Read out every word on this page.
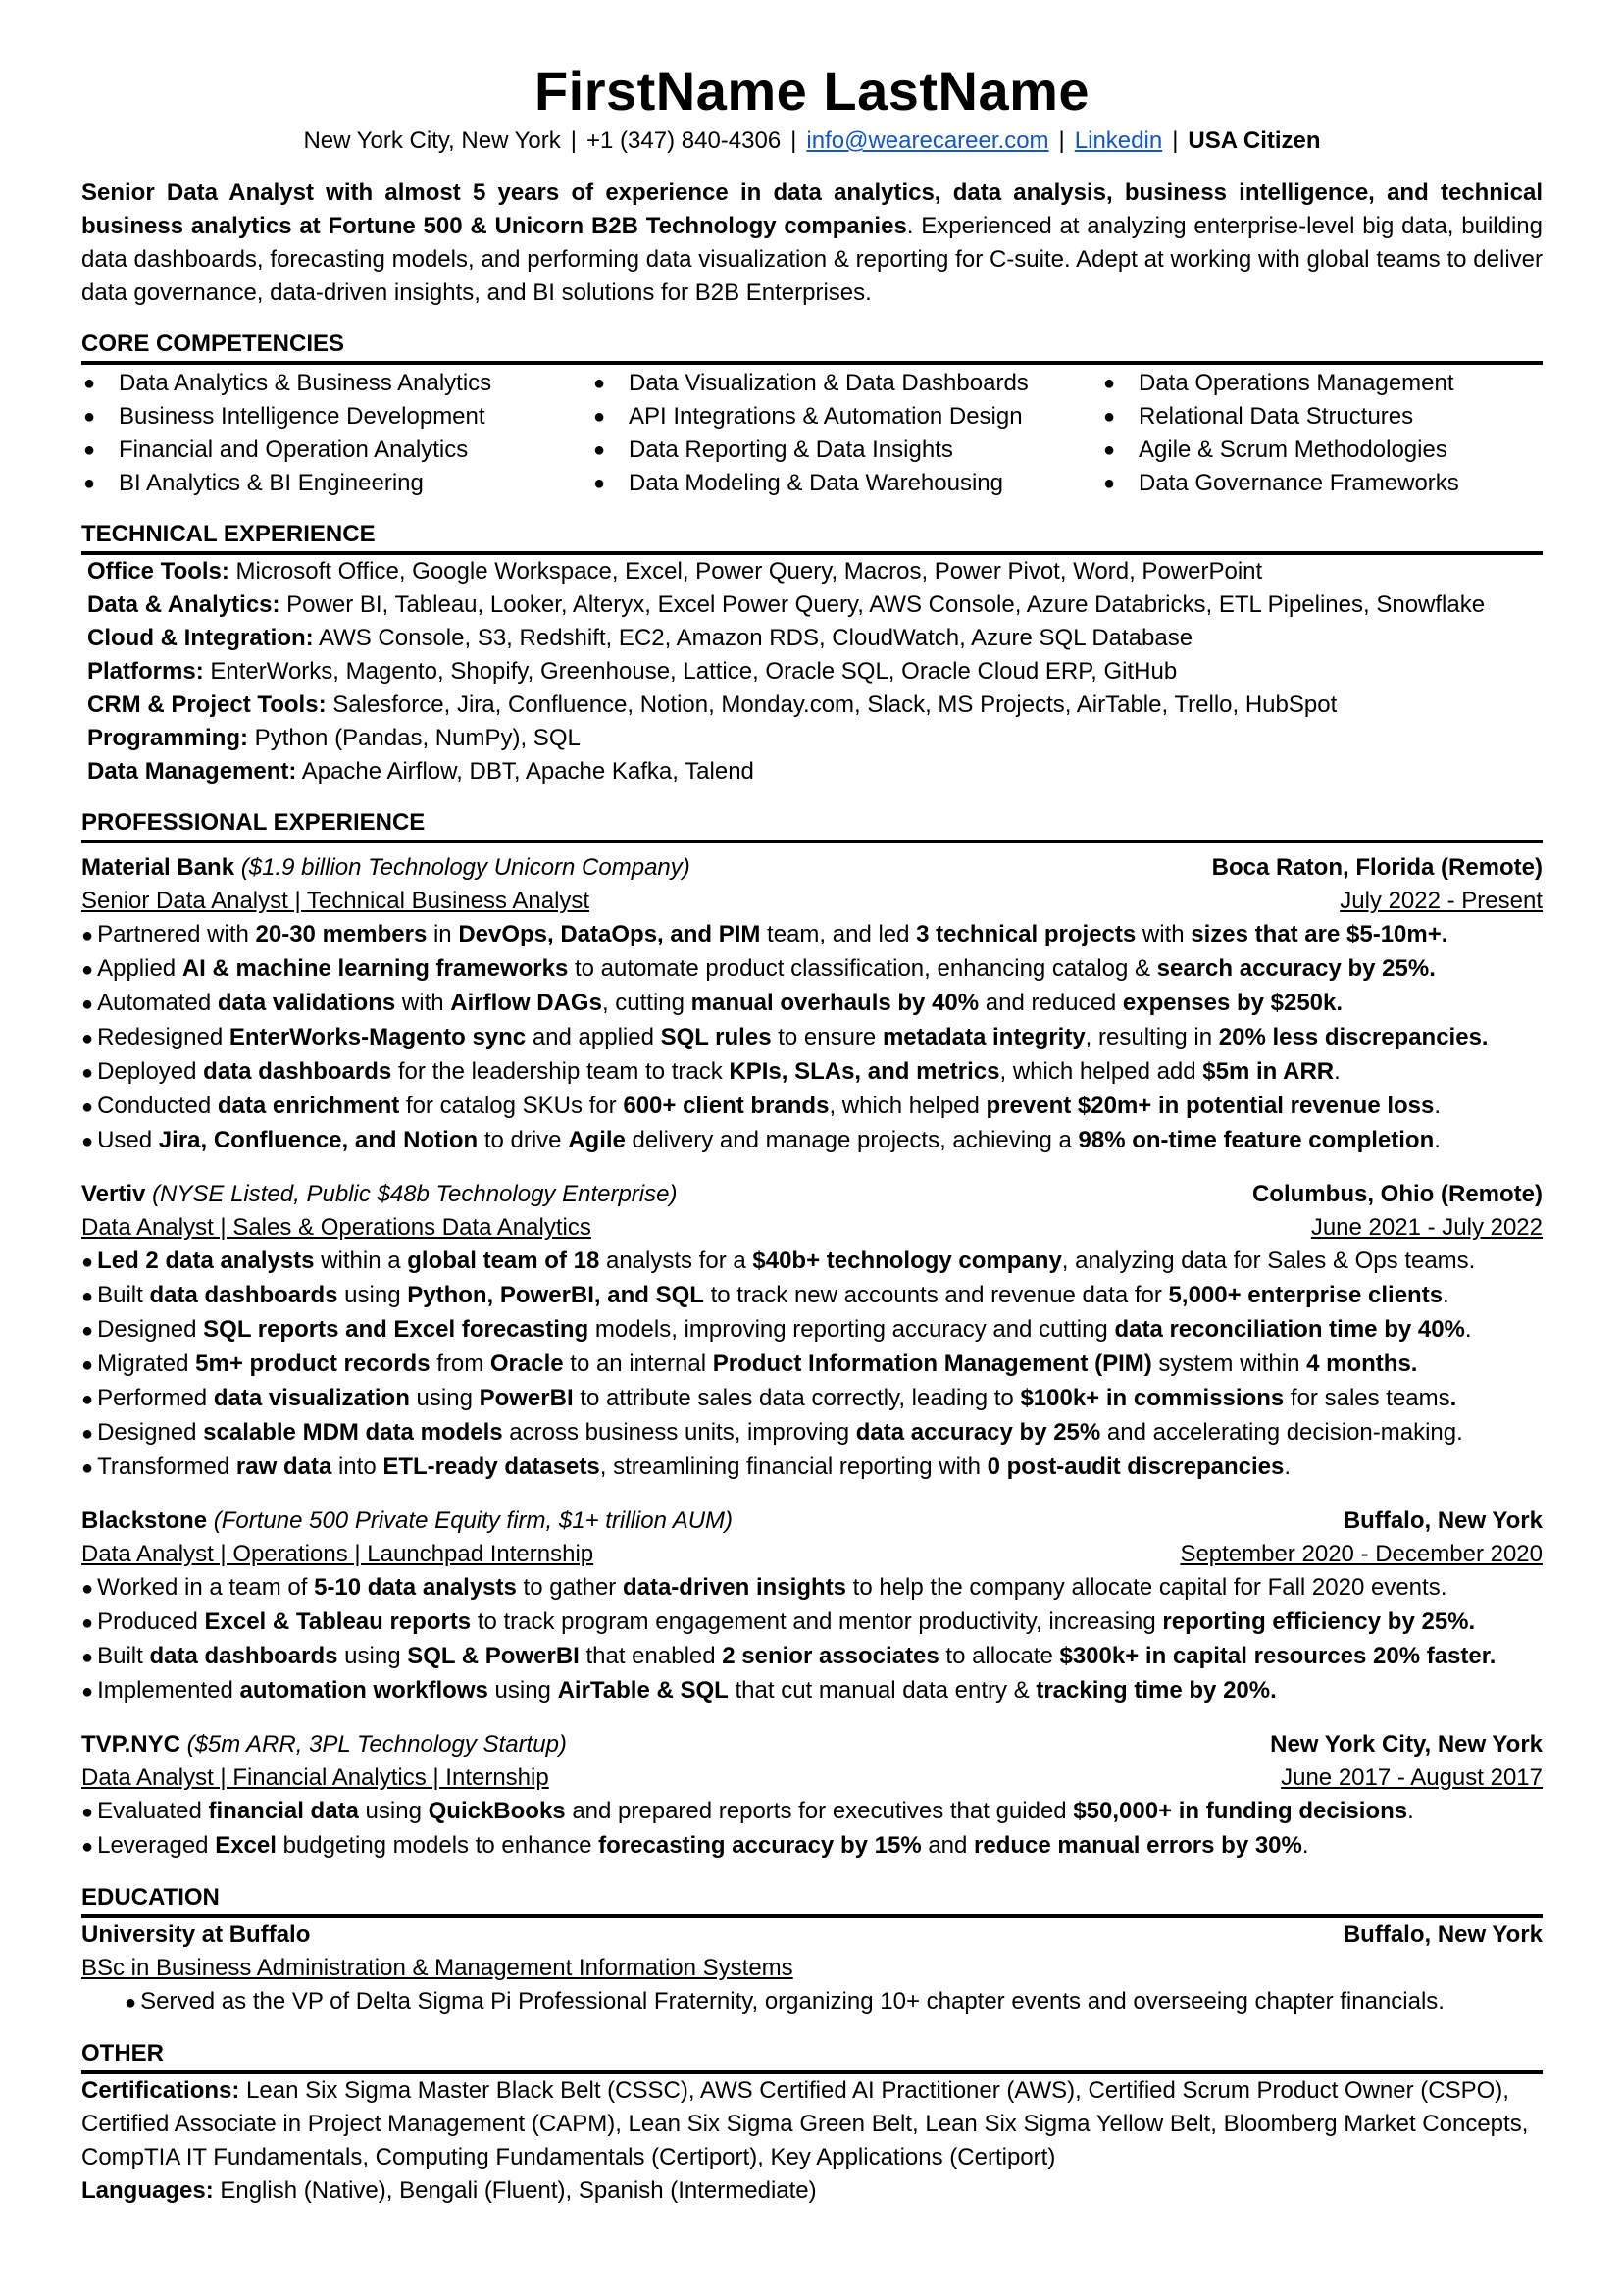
FirstName LastName
New York City, New York | +1 (347) 840-4306 | info@wearecareer.com | Linkedin | USA Citizen
Senior Data Analyst with almost 5 years of experience in data analytics, data analysis, business intelligence, and technical business analytics at Fortune 500 & Unicorn B2B Technology companies. Experienced at analyzing enterprise-level big data, building data dashboards, forecasting models, and performing data visualization & reporting for C-suite. Adept at working with global teams to deliver data governance, data-driven insights, and BI solutions for B2B Enterprises.
CORE COMPETENCIES
● Data Analytics & Business Analytics	● Data Visualization & Data Dashboards	● Data Operations Management
● Business Intelligence Development	● API Integrations & Automation Design	● Relational Data Structures
● Financial and Operation Analytics	● Data Reporting & Data Insights	● Agile & Scrum Methodologies
● BI Analytics & BI Engineering	● Data Modeling & Data Warehousing	● Data Governance Frameworks
TECHNICAL EXPERIENCE
Office Tools: Microsoft Office, Google Workspace, Excel, Power Query, Macros, Power Pivot, Word, PowerPoint
Data & Analytics: Power BI, Tableau, Looker, Alteryx, Excel Power Query, AWS Console, Azure Databricks, ETL Pipelines, Snowflake
Cloud & Integration: AWS Console, S3, Redshift, EC2, Amazon RDS, CloudWatch, Azure SQL Database
Platforms: EnterWorks, Magento, Shopify, Greenhouse, Lattice, Oracle SQL, Oracle Cloud ERP, GitHub
CRM & Project Tools: Salesforce, Jira, Confluence, Notion, Monday.com, Slack, MS Projects, AirTable, Trello, HubSpot
Programming: Python (Pandas, NumPy), SQL
Data Management: Apache Airflow, DBT, Apache Kafka, Talend
PROFESSIONAL EXPERIENCE
Material Bank ($1.9 billion Technology Unicorn Company)	Boca Raton, Florida (Remote)
Senior Data Analyst | Technical Business Analyst	July 2022 - Present
● Partnered with 20-30 members in DevOps, DataOps, and PIM team, and led 3 technical projects with sizes that are $5-10m+.
● Applied AI & machine learning frameworks to automate product classification, enhancing catalog & search accuracy by 25%.
● Automated data validations with Airflow DAGs, cutting manual overhauls by 40% and reduced expenses by $250k.
● Redesigned EnterWorks-Magento sync and applied SQL rules to ensure metadata integrity, resulting in 20% less discrepancies.
● Deployed data dashboards for the leadership team to track KPIs, SLAs, and metrics, which helped add $5m in ARR.
● Conducted data enrichment for catalog SKUs for 600+ client brands, which helped prevent $20m+ in potential revenue loss.
● Used Jira, Confluence, and Notion to drive Agile delivery and manage projects, achieving a 98% on-time feature completion.
Vertiv (NYSE Listed, Public $48b Technology Enterprise)	Columbus, Ohio (Remote)
Data Analyst | Sales & Operations Data Analytics	June 2021 - July 2022
● Led 2 data analysts within a global team of 18 analysts for a $40b+ technology company, analyzing data for Sales & Ops teams.
● Built data dashboards using Python, PowerBI, and SQL to track new accounts and revenue data for 5,000+ enterprise clients.
● Designed SQL reports and Excel forecasting models, improving reporting accuracy and cutting data reconciliation time by 40%.
● Migrated 5m+ product records from Oracle to an internal Product Information Management (PIM) system within 4 months.
● Performed data visualization using PowerBI to attribute sales data correctly, leading to $100k+ in commissions for sales teams.
● Designed scalable MDM data models across business units, improving data accuracy by 25% and accelerating decision-making.
● Transformed raw data into ETL-ready datasets, streamlining financial reporting with 0 post-audit discrepancies.
Blackstone (Fortune 500 Private Equity firm, $1+ trillion AUM)	Buffalo, New York
Data Analyst | Operations | Launchpad Internship	September 2020 - December 2020
● Worked in a team of 5-10 data analysts to gather data-driven insights to help the company allocate capital for Fall 2020 events.
● Produced Excel & Tableau reports to track program engagement and mentor productivity, increasing reporting efficiency by 25%.
● Built data dashboards using SQL & PowerBI that enabled 2 senior associates to allocate $300k+ in capital resources 20% faster.
● Implemented automation workflows using AirTable & SQL that cut manual data entry & tracking time by 20%.
TVP.NYC ($5m ARR, 3PL Technology Startup)	New York City, New York
Data Analyst | Financial Analytics | Internship	June 2017 - August 2017
● Evaluated financial data using QuickBooks and prepared reports for executives that guided $50,000+ in funding decisions.
● Leveraged Excel budgeting models to enhance forecasting accuracy by 15% and reduce manual errors by 30%.
EDUCATION
University at Buffalo	Buffalo, New York
BSc in Business Administration & Management Information Systems
● Served as the VP of Delta Sigma Pi Professional Fraternity, organizing 10+ chapter events and overseeing chapter financials.
OTHER
Certifications: Lean Six Sigma Master Black Belt (CSSC), AWS Certified AI Practitioner (AWS), Certified Scrum Product Owner (CSPO), Certified Associate in Project Management (CAPM), Lean Six Sigma Green Belt, Lean Six Sigma Yellow Belt, Bloomberg Market Concepts, CompTIA IT Fundamentals, Computing Fundamentals (Certiport), Key Applications (Certiport)
Languages: English (Native), Bengali (Fluent), Spanish (Intermediate)
